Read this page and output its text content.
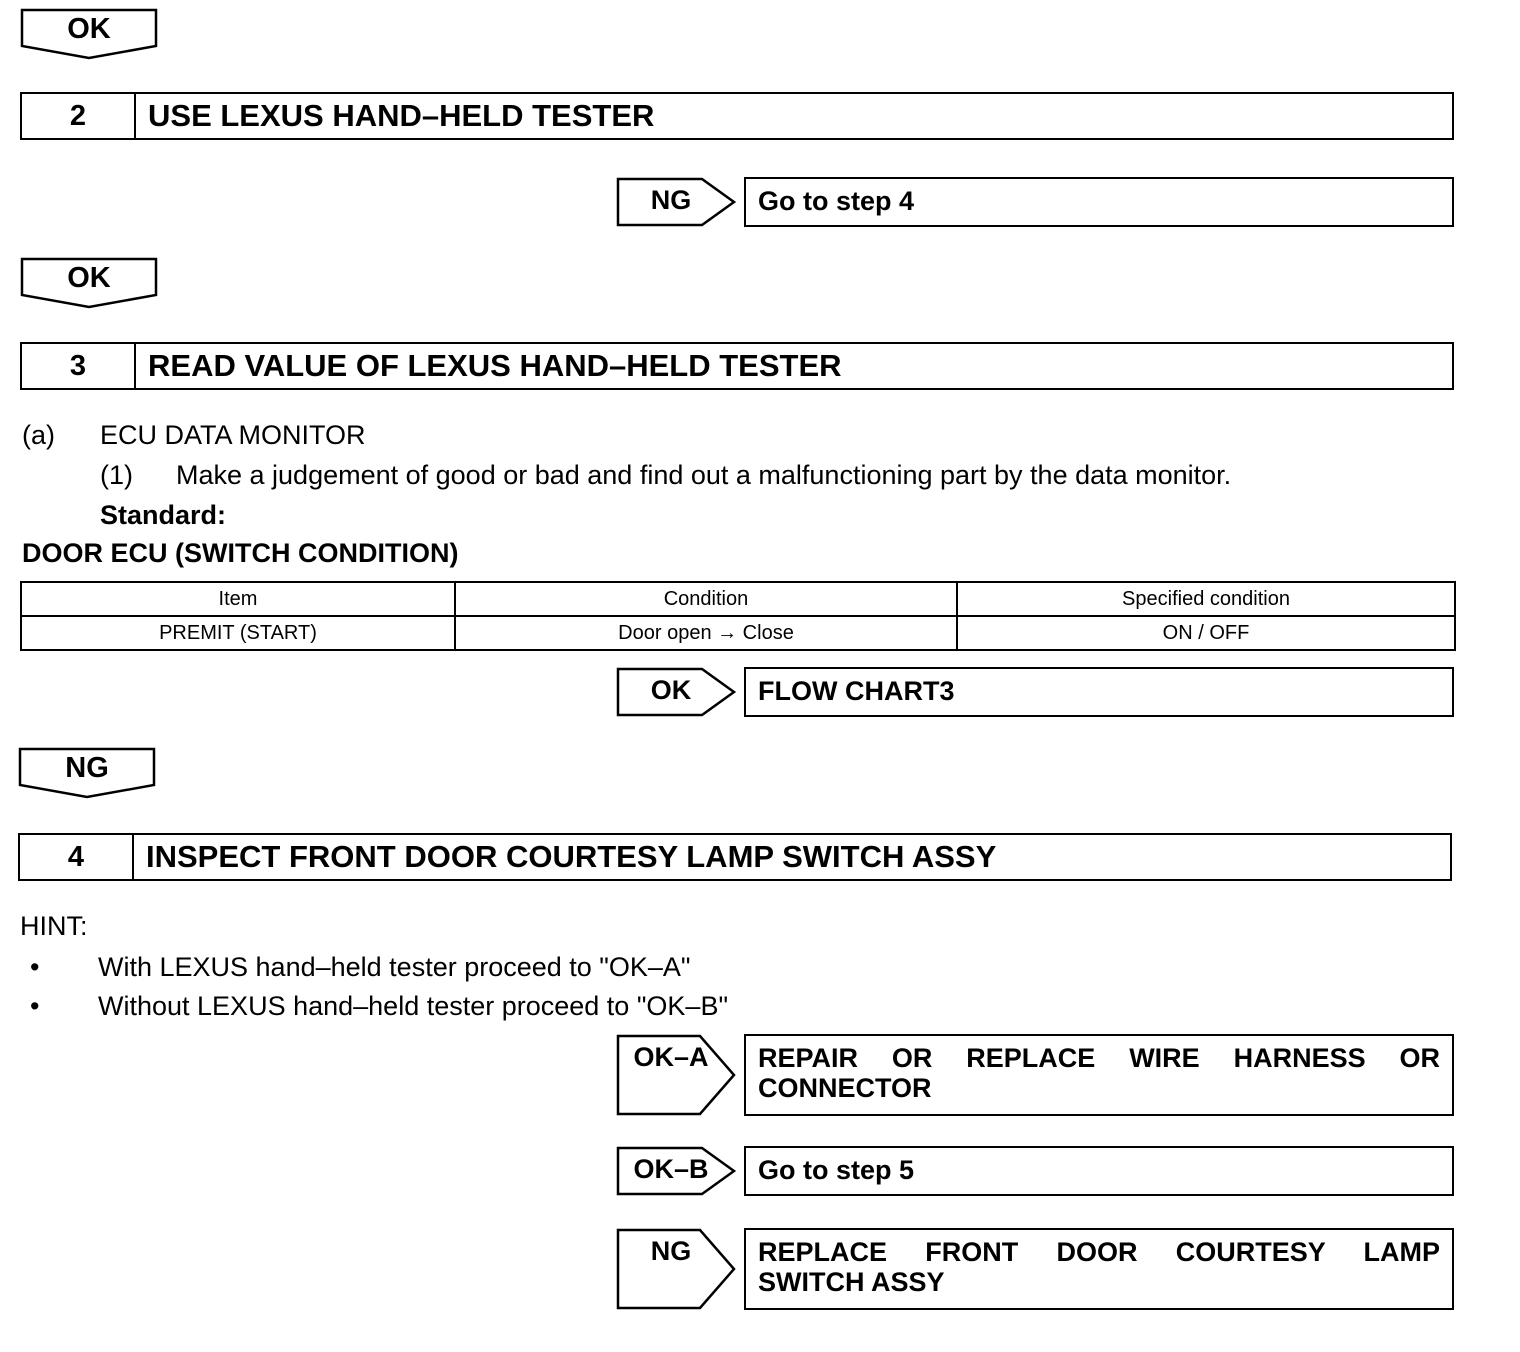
OK
2	USE LEXUS HAND–HELD TESTER
NG	Go to step 4
OK
3	READ VALUE OF LEXUS HAND–HELD TESTER
(a) ECU DATA MONITOR
(1) Make a judgement of good or bad and find out a malfunctioning part by the data monitor.
Standard:
DOOR ECU (SWITCH CONDITION)
Item	Condition	Specified condition
PREMIT (START)	Door open → Close	ON / OFF
OK	FLOW CHART3
NG
4	INSPECT FRONT DOOR COURTESY LAMP SWITCH ASSY
HINT:
• With LEXUS hand–held tester proceed to "OK–A"
• Without LEXUS hand–held tester proceed to "OK–B"
OK–A	REPAIR OR REPLACE WIRE HARNESS OR
CONNECTOR
OK–B	Go to step 5
NG	REPLACE FRONT DOOR COURTESY LAMP
SWITCH ASSY
